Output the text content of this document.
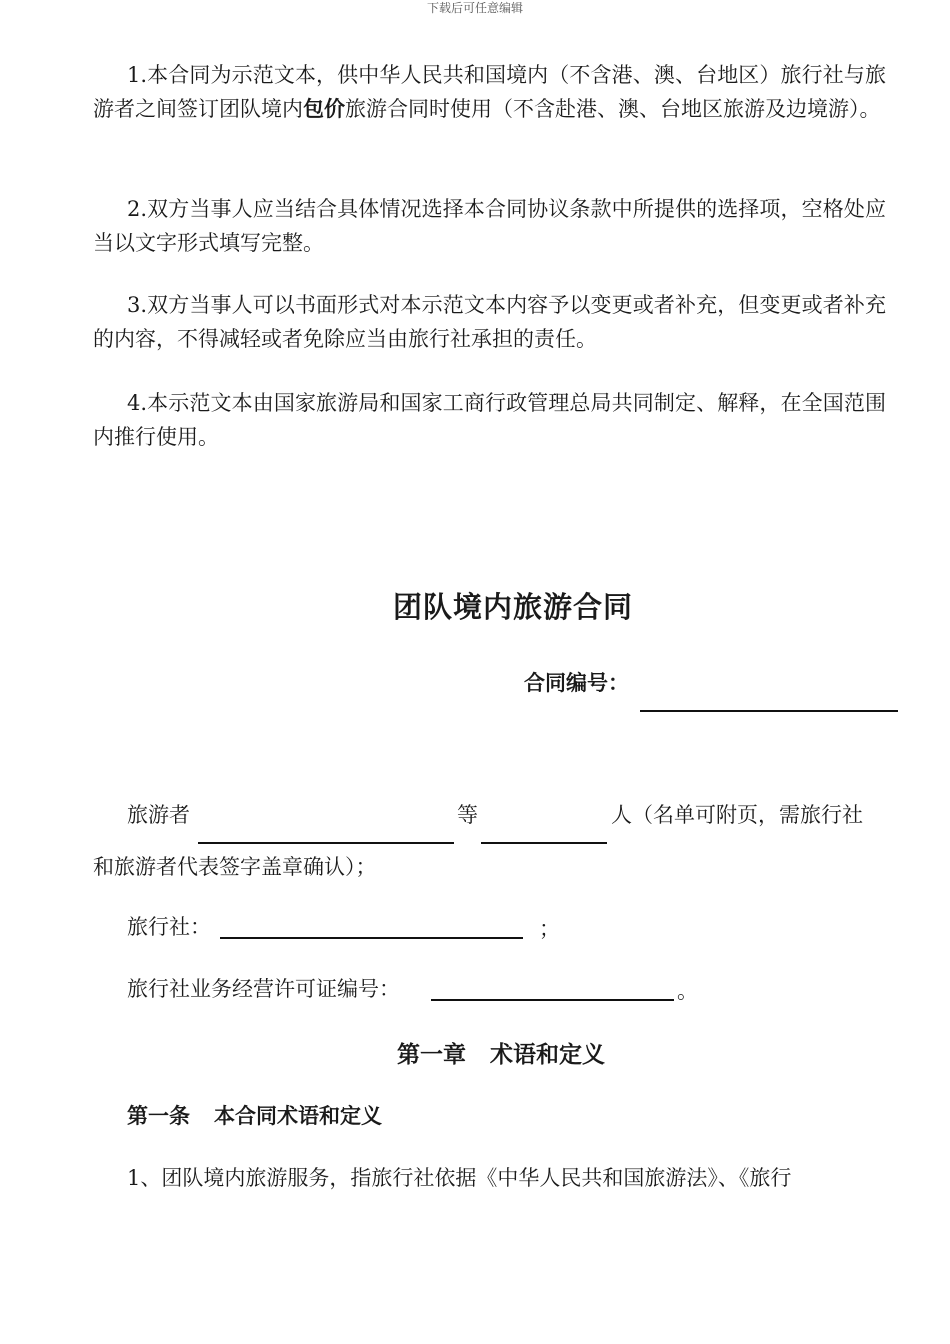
下载后可任意编辑

1.本合同为示范文本，供中华人民共和国境内（不含港、澳、台地区）旅行社与旅游者之间签订团队境内包价旅游合同时使用（不含赴港、澳、台地区旅游及边境游）。

2.双方当事人应当结合具体情况选择本合同协议条款中所提供的选择项，空格处应当以文字形式填写完整。

3.双方当事人可以书面形式对本示范文本内容予以变更或者补充，但变更或者补充的内容，不得减轻或者免除应当由旅行社承担的责任。

4.本示范文本由国家旅游局和国家工商行政管理总局共同制定、解释，在全国范围内推行使用。

团队境内旅游合同
合同编号：
旅游者	等	人（名单可附页，需旅行社
和旅游者代表签字盖章确认）；
旅行社：	；
旅行社业务经营许可证编号：	。
第一章 术语和定义
第一条 本合同术语和定义
1、团队境内旅游服务，指旅行社依据《中华人民共和国旅游法》、《旅行
